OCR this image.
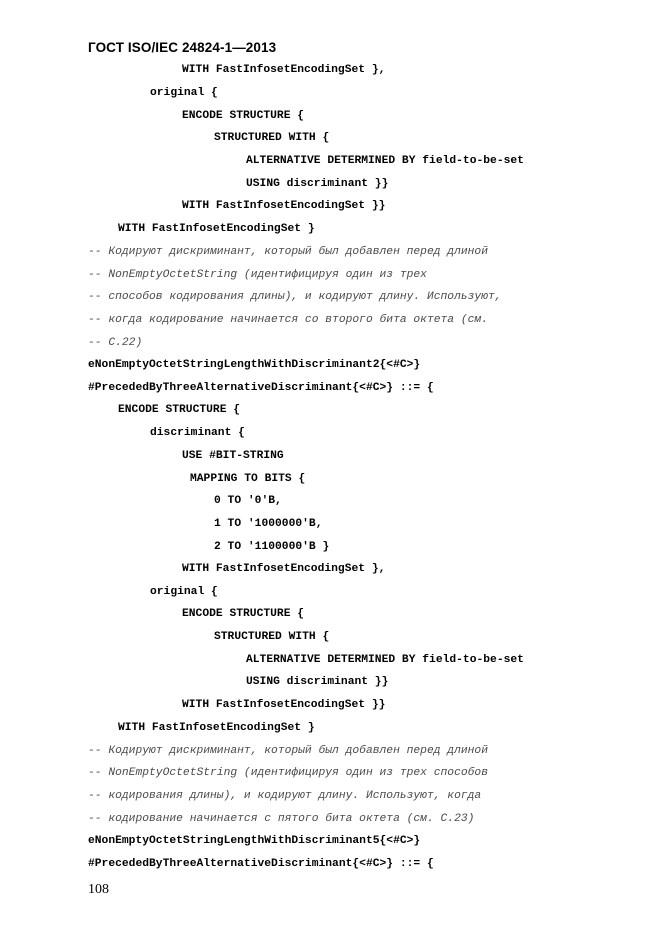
ГОСТ ISO/IEC 24824-1—2013
WITH FastInfosetEncodingSet },
original {
ENCODE STRUCTURE {
STRUCTURED WITH {
ALTERNATIVE DETERMINED BY field-to-be-set
USING discriminant }}
WITH FastInfosetEncodingSet }}
WITH FastInfosetEncodingSet }
-- Кодируют дискриминант, который был добавлен перед длиной
-- NonEmptyOctetString (идентифицируя один из трех
-- способов кодирования длины), и кодируют длину. Используют,
-- когда кодирование начинается со второго бита октета (см.
-- C.22)
eNonEmptyOctetStringLengthWithDiscriminant2{<#C>}
#PrecededByThreeAlternativeDiscriminant{<#C>} ::= {
ENCODE STRUCTURE {
discriminant {
USE #BIT-STRING
MAPPING TO BITS {
0 TO '0'B,
1 TO '1000000'B,
2 TO '1100000'B }
WITH FastInfosetEncodingSet },
original {
ENCODE STRUCTURE {
STRUCTURED WITH {
ALTERNATIVE DETERMINED BY field-to-be-set
USING discriminant }}
WITH FastInfosetEncodingSet }}
WITH FastInfosetEncodingSet }
-- Кодируют дискриминант, который был добавлен перед длиной
-- NonEmptyOctetString (идентифицируя один из трех способов
-- кодирования длины), и кодируют длину. Используют, когда
-- кодирование начинается с пятого бита октета (см. C.23)
eNonEmptyOctetStringLengthWithDiscriminant5{<#C>}
#PrecededByThreeAlternativeDiscriminant{<#C>} ::= {
108
